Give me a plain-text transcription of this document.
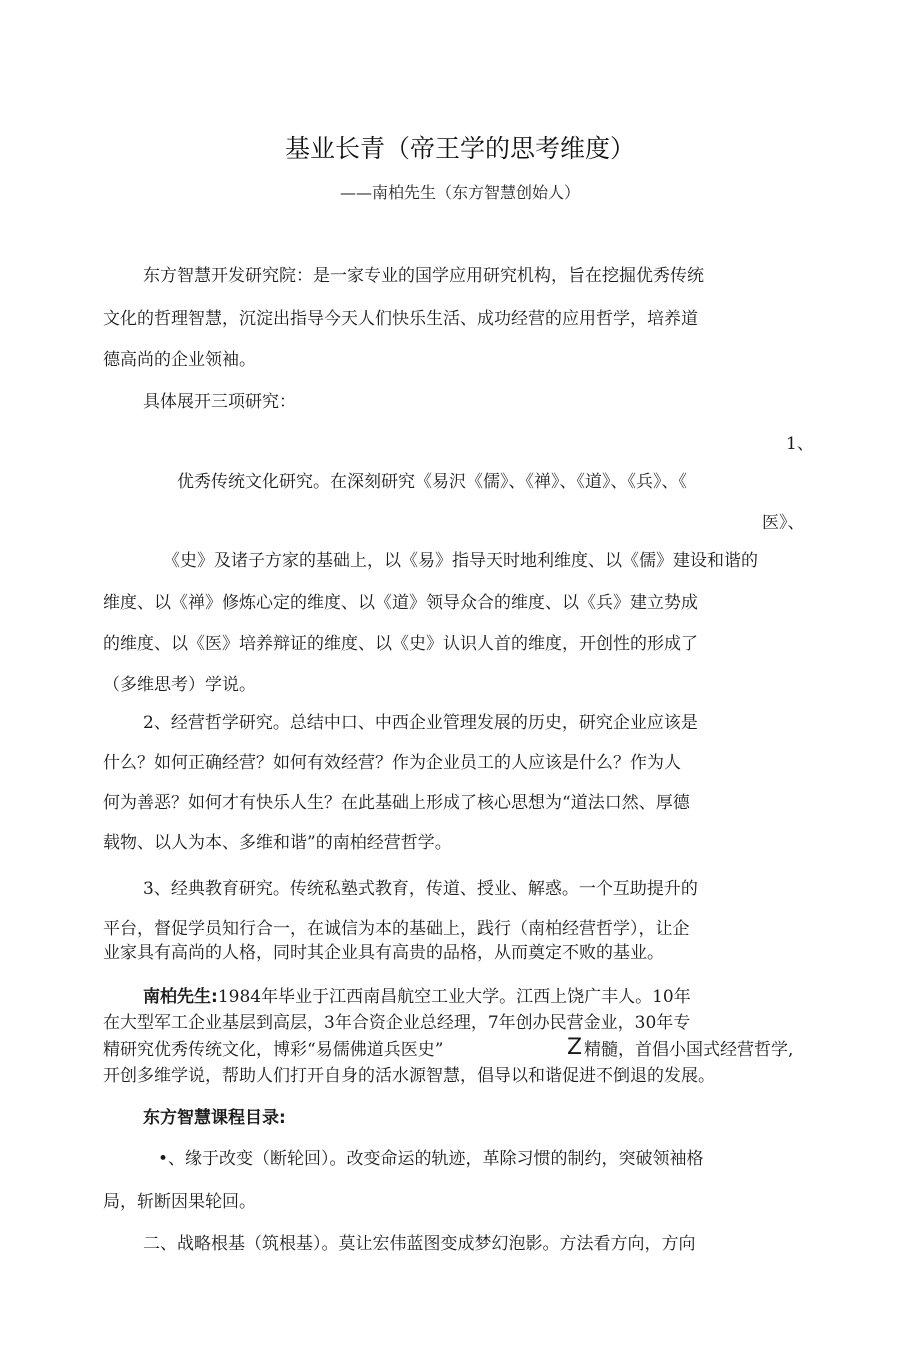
基业长青（帝王学的思考维度）
——南柏先生（东方智慧创始人）
东方智慧开发研究院：是一家专业的国学应用研究机构，旨在挖掘优秀传统
文化的哲理智慧，沉淀出指导今天人们快乐生活、成功经营的应用哲学，培养道
德高尚的企业领袖。
具体展开三项研究：
1、
优秀传统文化研究。在深刻研究《易沢《儒》、《禅》、《道》、《兵》、《
医》、
《史》及诸子方家的基础上，以《易》指导天时地利维度、以《儒》建设和谐的
维度、以《禅》修炼心定的维度、以《道》领导众合的维度、以《兵》建立势成
的维度、以《医》培养辩证的维度、以《史》认识人首的维度，开创性的形成了
（多维思考）学说。
2、经营哲学研究。总结中口、中西企业管理发展的历史，研究企业应该是
什么？如何正确经营？如何有效经营？作为企业员工的人应该是什么？作为人
何为善恶？如何才有快乐人生？在此基础上形成了核心思想为“道法口然、厚德
载物、以人为本、多维和谐”的南柏经营哲学。
3、经典教育研究。传统私塾式教育，传道、授业、解惑。一个互助提升的
平台，督促学员知行合一，在诚信为本的基础上，践行（南柏经营哲学），让企
业家具有高尚的人格，同时其企业具有高贵的品格，从而奠定不败的基业。
南柏先生:1984年毕业于江西南昌航空工业大学。江西上饶广丰人。10年
在大型军工企业基层到高层，3年合资企业总经理，7年创办民营金业，30年专
精研究优秀传统文化，博彩“易儒佛道兵医史”	Z 精髓，首倡小国式经营哲学,
开创多维学说，帮助人们打开自身的活水源智慧，倡导以和谐促进不倒退的发展。
东方智慧课程目录:
•、缘于改变（断轮回）。改变命运的轨迹，革除习惯的制约，突破领袖格
局，斩断因果轮回。
二、战略根基（筑根基）。莫让宏伟蓝图变成梦幻泡影。方法看方向，方向
